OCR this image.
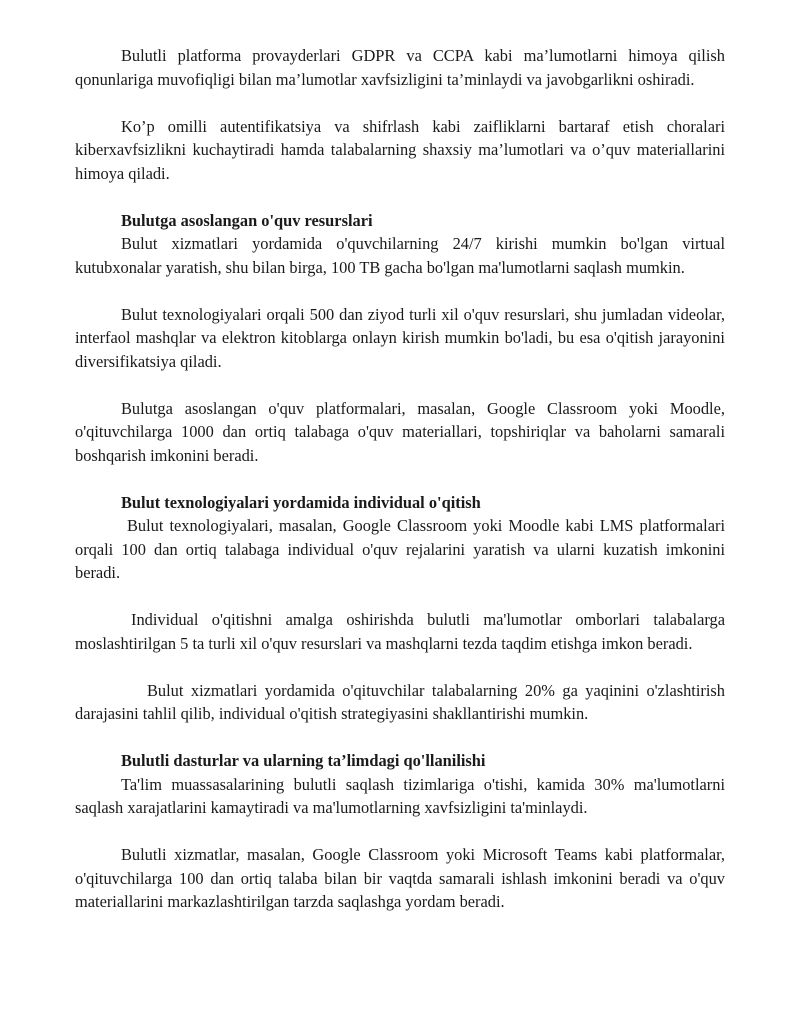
Bulutli platforma provayderlari GDPR va CCPA kabi ma’lumotlarni himoya qilish qonunlariga muvofiqligi bilan ma’lumotlar xavfsizligini ta’minlaydi va javobgarlikni oshiradi.

Ko’p omilli autentifikatsiya va shifrlash kabi zaifliklarni bartaraf etish choralari kiberxavfsizlikni kuchaytiradi hamda talabalarning shaxsiy ma’lumotlari va o’quv materiallarini himoya qiladi.

Bulutga asoslangan o'quv resurslari

Bulut xizmatlari yordamida o'quvchilarning 24/7 kirishi mumkin bo'lgan virtual kutubxonalar yaratish, shu bilan birga, 100 TB gacha bo'lgan ma'lumotlarni saqlash mumkin.

Bulut texnologiyalari orqali 500 dan ziyod turli xil o'quv resurslari, shu jumladan videolar, interfaol mashqlar va elektron kitoblarga onlayn kirish mumkin bo'ladi, bu esa o'qitish jarayonini diversifikatsiya qiladi.

Bulutga asoslangan o'quv platformalari, masalan, Google Classroom yoki Moodle, o'qituvchilarga 1000 dan ortiq talabaga o'quv materiallari, topshiriqlar va baholarni samarali boshqarish imkonini beradi.

Bulut texnologiyalari yordamida individual o'qitish

Bulut texnologiyalari, masalan, Google Classroom yoki Moodle kabi LMS platformalari orqali 100 dan ortiq talabaga individual o'quv rejalarini yaratish va ularni kuzatish imkonini beradi.

Individual o'qitishni amalga oshirishda bulutli ma'lumotlar omborlari talabalarga moslashtirilgan 5 ta turli xil o'quv resurslari va mashqlarni tezda taqdim etishga imkon beradi.

Bulut xizmatlari yordamida o'qituvchilar talabalarning 20% ga yaqinini o'zlashtirish darajasini tahlil qilib, individual o'qitish strategiyasini shakllantirishi mumkin.

Bulutli dasturlar va ularning ta’limdagi qo'llanilishi

Ta'lim muassasalarining bulutli saqlash tizimlariga o'tishi, kamida 30% ma'lumotlarni saqlash xarajatlarini kamaytiradi va ma'lumotlarning xavfsizligini ta'minlaydi.

Bulutli xizmatlar, masalan, Google Classroom yoki Microsoft Teams kabi platformalar, o'qituvchilarga 100 dan ortiq talaba bilan bir vaqtda samarali ishlash imkonini beradi va o'quv materiallarini markazlashtirilgan tarzda saqlashga yordam beradi.
